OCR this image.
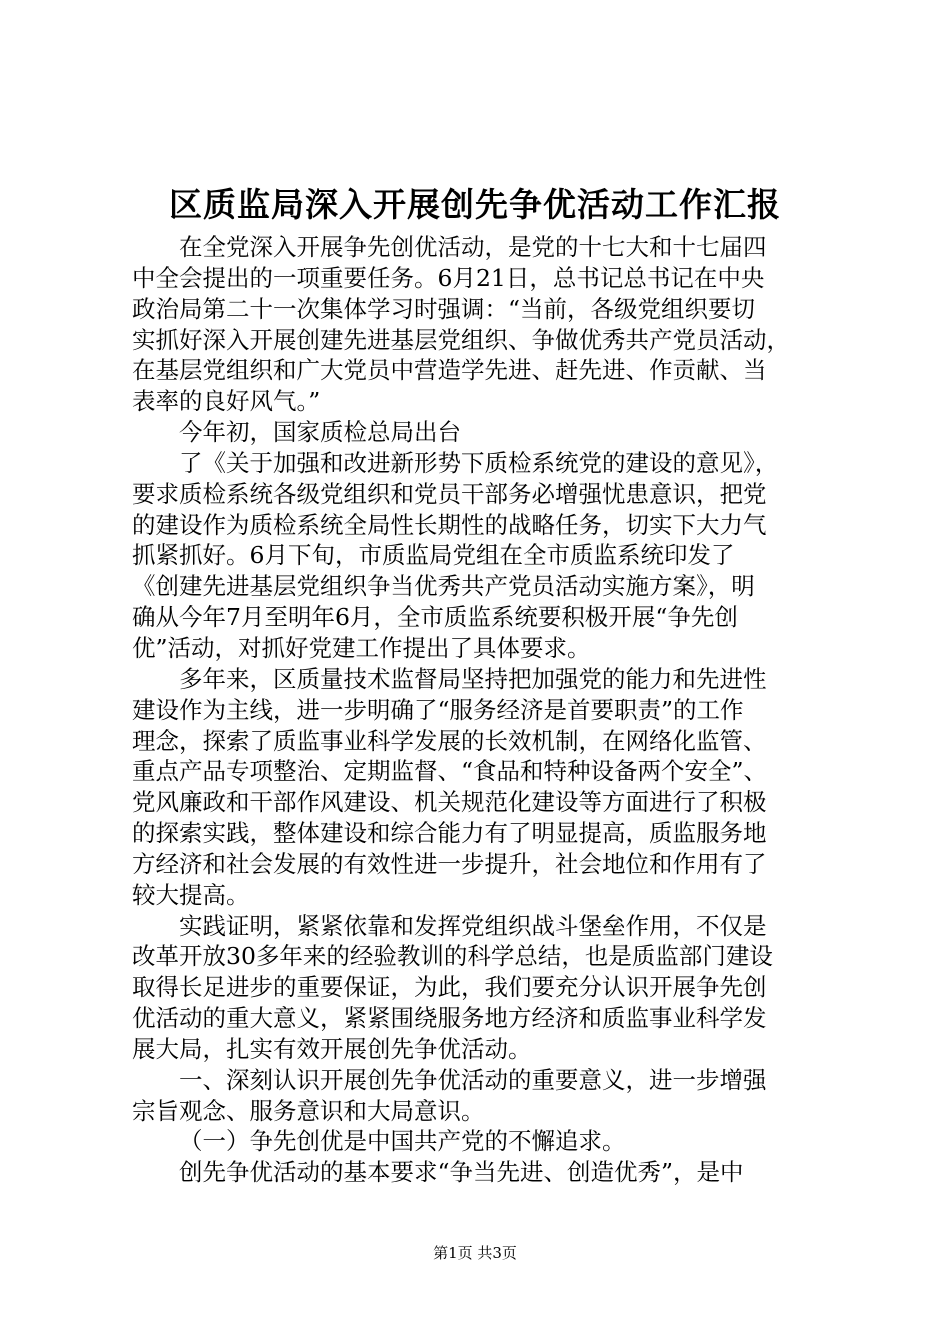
区质监局深入开展创先争优活动工作汇报
在全党深入开展争先创优活动，是党的十七大和十七届四
中全会提出的一项重要任务。6月21日，总书记总书记在中央
政治局第二十一次集体学习时强调：“当前，各级党组织要切
实抓好深入开展创建先进基层党组织、争做优秀共产党员活动，
在基层党组织和广大党员中营造学先进、赶先进、作贡献、当
表率的良好风气。”
今年初，国家质检总局出台
了《关于加强和改进新形势下质检系统党的建设的意见》，
要求质检系统各级党组织和党员干部务必增强忧患意识，把党
的建设作为质检系统全局性长期性的战略任务，切实下大力气
抓紧抓好。6月下旬，市质监局党组在全市质监系统印发了
《创建先进基层党组织争当优秀共产党员活动实施方案》，明
确从今年7月至明年6月，全市质监系统要积极开展“争先创
优”活动，对抓好党建工作提出了具体要求。
多年来，区质量技术监督局坚持把加强党的能力和先进性
建设作为主线，进一步明确了“服务经济是首要职责”的工作
理念，探索了质监事业科学发展的长效机制，在网络化监管、
重点产品专项整治、定期监督、“食品和特种设备两个安全”、
党风廉政和干部作风建设、机关规范化建设等方面进行了积极
的探索实践，整体建设和综合能力有了明显提高，质监服务地
方经济和社会发展的有效性进一步提升，社会地位和作用有了
较大提高。
实践证明，紧紧依靠和发挥党组织战斗堡垒作用，不仅是
改革开放30多年来的经验教训的科学总结，也是质监部门建设
取得长足进步的重要保证，为此，我们要充分认识开展争先创
优活动的重大意义，紧紧围绕服务地方经济和质监事业科学发
展大局，扎实有效开展创先争优活动。
一、深刻认识开展创先争优活动的重要意义，进一步增强
宗旨观念、服务意识和大局意识。
（一）争先创优是中国共产党的不懈追求。
创先争优活动的基本要求“争当先进、创造优秀”，是中
第1页 共3页
